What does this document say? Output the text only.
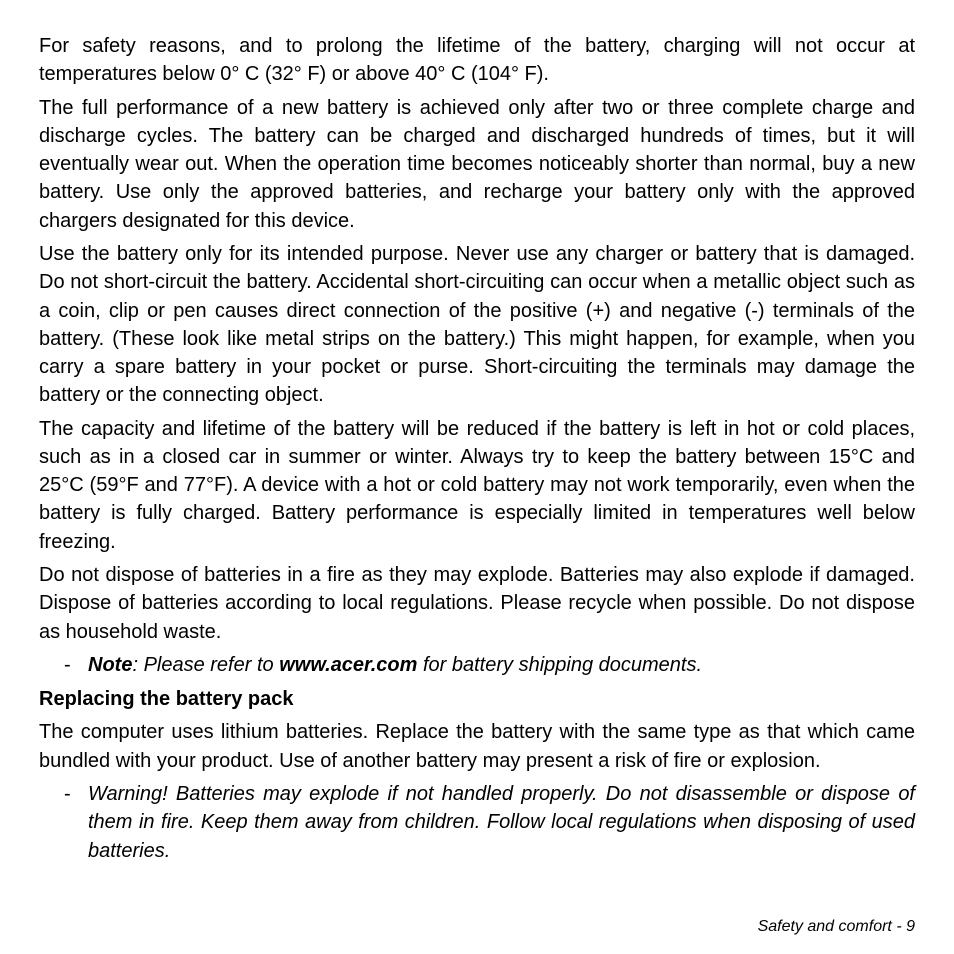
For safety reasons, and to prolong the lifetime of the battery, charging will not occur at temperatures below 0° C (32° F) or above 40° C (104° F).

The full performance of a new battery is achieved only after two or three complete charge and discharge cycles. The battery can be charged and discharged hundreds of times, but it will eventually wear out. When the operation time becomes noticeably shorter than normal, buy a new battery. Use only the approved batteries, and recharge your battery only with the approved chargers designated for this device.

Use the battery only for its intended purpose. Never use any charger or battery that is damaged. Do not short-circuit the battery. Accidental short-circuiting can occur when a metallic object such as a coin, clip or pen causes direct connection of the positive (+) and negative (-) terminals of the battery. (These look like metal strips on the battery.) This might happen, for example, when you carry a spare battery in your pocket or purse. Short-circuiting the terminals may damage the battery or the connecting object.

The capacity and lifetime of the battery will be reduced if the battery is left in hot or cold places, such as in a closed car in summer or winter. Always try to keep the battery between 15°C and 25°C (59°F and 77°F). A device with a hot or cold battery may not work temporarily, even when the battery is fully charged. Battery performance is especially limited in temperatures well below freezing.

Do not dispose of batteries in a fire as they may explode. Batteries may also explode if damaged. Dispose of batteries according to local regulations. Please recycle when possible. Do not dispose as household waste.

- Note: Please refer to www.acer.com for battery shipping documents.
Replacing the battery pack

The computer uses lithium batteries. Replace the battery with the same type as that which came bundled with your product. Use of another battery may present a risk of fire or explosion.

- Warning! Batteries may explode if not handled properly. Do not disassemble or dispose of them in fire. Keep them away from children. Follow local regulations when disposing of used batteries.
Safety and comfort - 9
